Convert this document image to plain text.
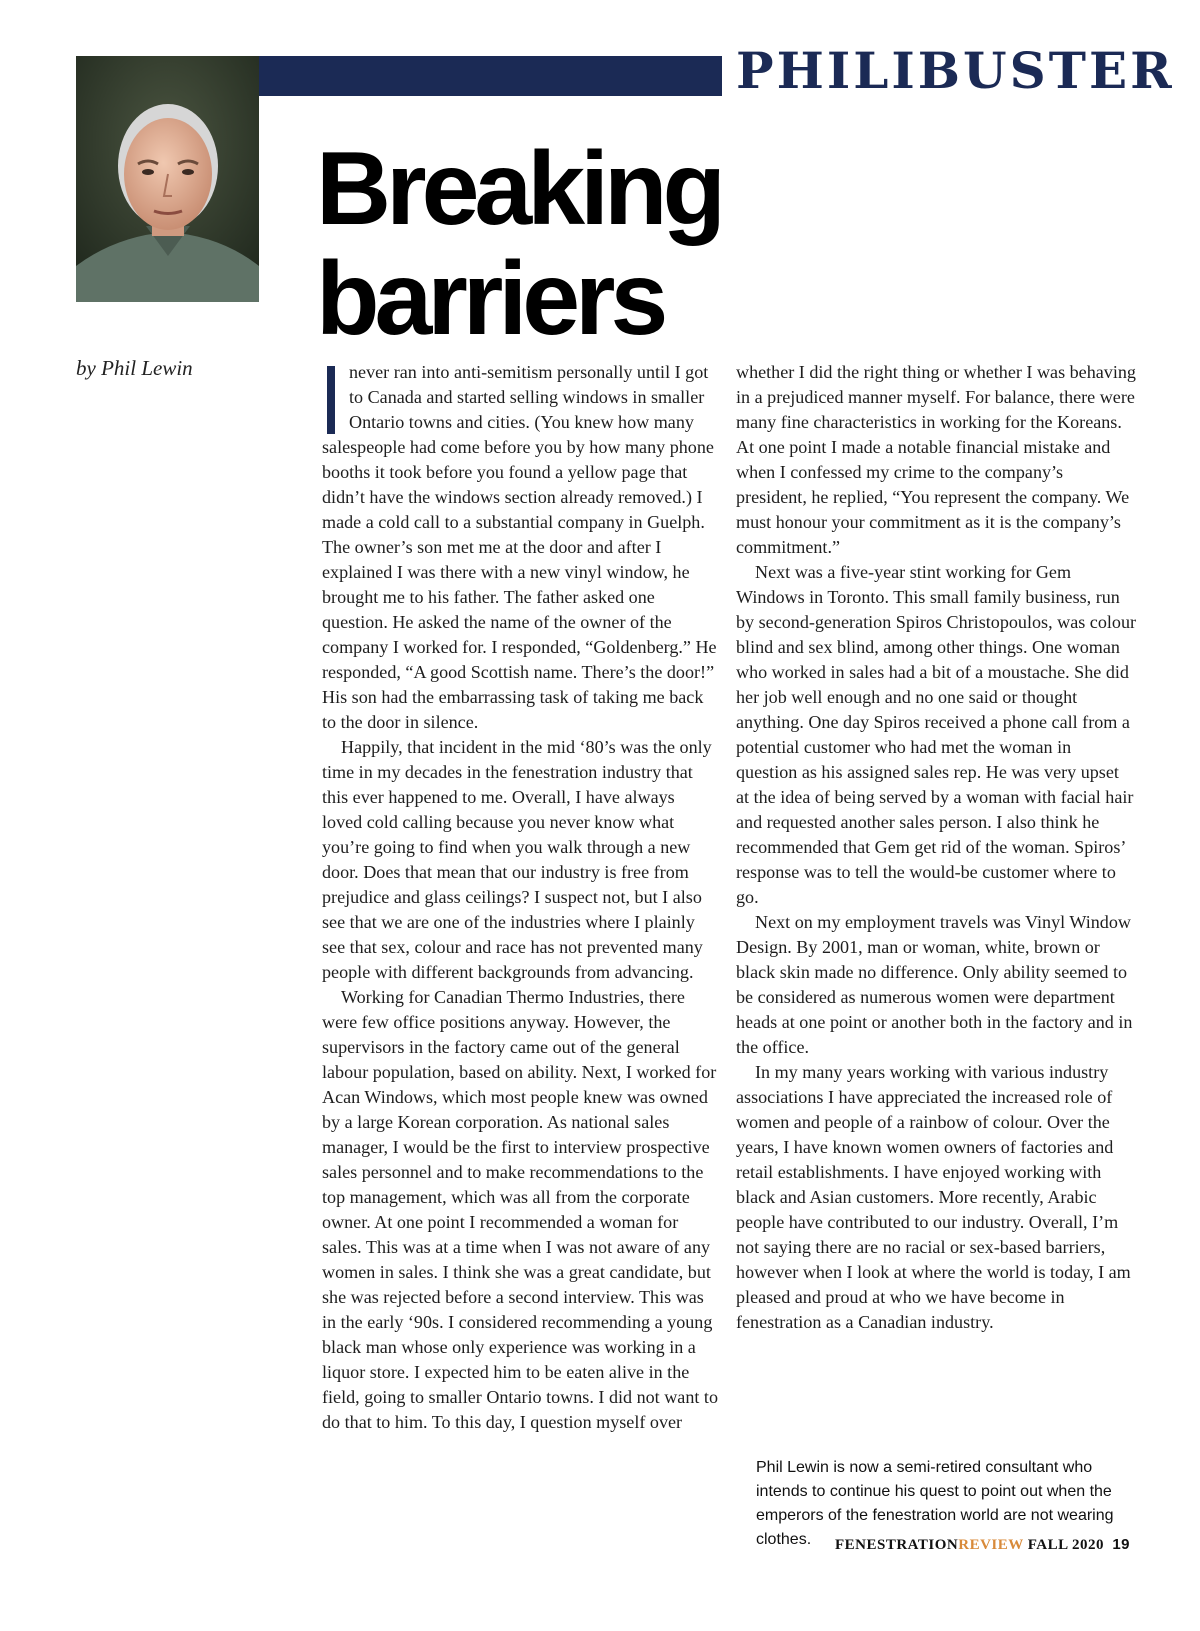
PHILIBUSTER
Breaking
barriers
by Phil Lewin	never ran into anti-semitism personally until I got to Canada and started selling windows in smaller Ontario towns and cities. (You knew how many salespeople had come before you by how many phone booths it took before you found a yellow page that didn’t have the windows section already removed.) I made a cold call to a substantial company in Guelph. The owner’s son met me at the door and after I explained I was there with a new vinyl window, he brought me to his father. The father asked one question. He asked the name of the owner of the company I worked for. I responded, “Goldenberg.” He responded, “A good Scottish name. There’s the door!” His son had the embarrassing task of taking me back to the door in silence.

Happily, that incident in the mid ‘80’s was the only time in my decades in the fenestration industry that this ever happened to me. Overall, I have always loved cold calling because you never know what you’re going to find when you walk through a new door. Does that mean that our industry is free from prejudice and glass ceilings? I suspect not, but I also see that we are one of the industries where I plainly see that sex, colour and race has not prevented many people with different backgrounds from advancing.

Working for Canadian Thermo Industries, there were few office positions anyway. However, the supervisors in the factory came out of the general labour population, based on ability. Next, I worked for Acan Windows, which most people knew was owned by a large Korean corporation. As national sales manager, I would be the first to interview prospective sales personnel and to make recommendations to the top management, which was all from the corporate owner. At one point I recommended a woman for sales. This was at a time when I was not aware of any women in sales. I think she was a great candidate, but she was rejected before a second interview. This was in the early ‘90s. I considered recommending a young black man whose only experience was working in a liquor store. I expected him to be eaten alive in the field, going to smaller Ontario towns. I did not want to do that to him. To this day, I question myself over

whether I did the right thing or whether I was behaving in a prejudiced manner myself. For balance, there were many fine characteristics in working for the Koreans. At one point I made a notable financial mistake and when I confessed my crime to the company’s president, he replied, “You represent the company. We must honour your commitment as it is the company’s commitment.”

Next was a five-year stint working for Gem Windows in Toronto. This small family business, run by second-generation Spiros Christopoulos, was colour blind and sex blind, among other things. One woman who worked in sales had a bit of a moustache. She did her job well enough and no one said or thought anything. One day Spiros received a phone call from a potential customer who had met the woman in question as his assigned sales rep. He was very upset at the idea of being served by a woman with facial hair and requested another sales person. I also think he recommended that Gem get rid of the woman. Spiros’ response was to tell the would-be customer where to go.

Next on my employment travels was Vinyl Window Design. By 2001, man or woman, white, brown or black skin made no difference. Only ability seemed to be considered as numerous women were department heads at one point or another both in the factory and in the office.

In my many years working with various industry associations I have appreciated the increased role of women and people of a rainbow of colour. Over the years, I have known women owners of factories and retail establishments. I have enjoyed working with black and Asian customers. More recently, Arabic people have contributed to our industry. Overall, I’m not saying there are no racial or sex-based barriers, however when I look at where the world is today, I am pleased and proud at who we have become in fenestration as a Canadian industry.

Phil Lewin is now a semi-retired consultant who intends to continue his quest to point out when the emperors of the fenestration world are not wearing clothes.	FENESTRATIONREVIEW FALL 2020 19
